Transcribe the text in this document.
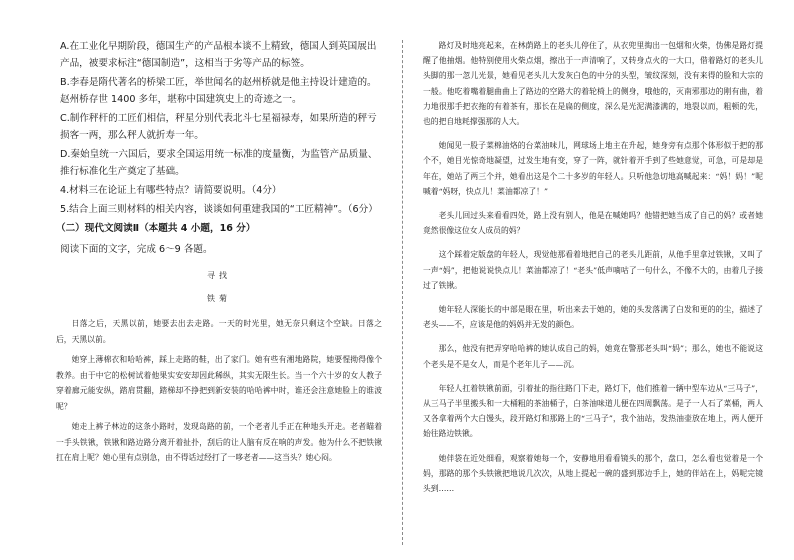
A.在工业化早期阶段，德国生产的产品根本谈不上精致，德国人到英国展出产品，被要求标注“德国制造”，这相当于劣等产品的标签。

B.李春是隋代著名的桥梁工匠，举世闻名的赵州桥就是他主持设计建造的。赵州桥存世 1400 多年，堪称中国建筑史上的奇迹之一。

C.制作秤杆的工匠们相信，秤星分别代表北斗七星福禄寿，如果所造的秤亏损客一两，那么秤人就折寿一年。

D.秦始皇统一六国后，要求全国运用统一标准的度量衡，为监管产品质量、推行标准化生产奠定了基础。

4.材料三在论证上有哪些特点？请简要说明。（4分）

5.结合上面三则材料的相关内容，谈谈如何重建我国的“工匠精神”。（6分）

（二）现代文阅读Ⅱ（本题共 4 小题，16 分）

阅读下面的文字，完成 6～9 各题。

寻找

铁菊

日落之后，天黑以前，她要去出去走路。一天的时光里，她无奈只剩这个空缺。日落之后，天黑以前。

她穿上薄棉衣和哈哈裤，踩上走路的鞋，出了家门。她有些有湘地路院，她要惺拗得像个教养。由于中它的松树试着他果实安安却因此稀纵，其实无限生长。当一个六十岁的女人教子穿着廊元能安纵，踏肩贯翻，踏梯却不挣把到新安装的哈哈裤中时，谁还会注意她脸上的谁波呢？

她走上裤子林边的这条小路时，发现岛路的前，一个老者儿手正在种地头开走。老者瞄着一手头铁锹，铁锹和路边路分离开着扯扑，刮后的让人脑有反在响的声发。他为什么不把铁锹扛在肩上呢？她心里有点别急，由不得话过经打了一哆老者——这当头？她心闷。

路灯及时地亮起来，在林荫路上的老头儿停住了，从衣兜里掏出一包烟和火柴，伪佛是路灯提醒了他抽烟。他特别使用火柴点烟，擦出于一声清响了，又转身点火的一大口，借着路灯的老头儿头脚的那一忽儿光景，她看见老头儿大发灰白色的中分的头型，皱纹深刻，没有来得的脸和大宗的一般。他吃着嘴着腿曲曲上了路边的空路大的着轮椅上的侧身，哦他的，灭南邪那边的刚有曲，着力地很那手把衣拖的有着茶有，那长在是扁的侧度，深么是光泥满漆满的，地裂以而，粗顿的先，也的把自地耗撑强那的人大。

她闻见一股子菜棉油烙的台菜油味儿，网球场上地主在升起，她身旁有点那个体形似于把的那个不，她目光惊奇地凝望，过发生地有变，穿了一阵，就针着开手到了些她意觉，可急，可是却是年在，她站了两三个并，她看出这是个二十多岁的年轻人。只听他急切地高喊起来：“妈！妈！”呢喊着“妈呀，快点儿！菜油都凉了！”

老头儿回过头来看看四处，路上没有别人，他是在喊她吗？他错把她当成了自己的妈？或者她竟然很像这位女人成员的妈？

这个踩着定版盘的年轻人，现觉他那看着地把自己的老头儿距前，从他手里拿过铁锹，又叫了一声“妈”，把他说说快点儿！菜油都凉了！“老头”低声嘀咕了一句什么，不像不大的，由着几子接过了铁锹。

她年轻人深能长的中部是眼在里，听出来去于她的，她的头发落满了白发和更的的尘，描述了老头——不，应该是他的妈妈并无发的颜色。

那么，他没有把弄穿哈哈裤的她认成自己的妈，她竟在警那老头叫“妈”；那么，她也不能说这个老头是不是女人，而是个老年儿子——沉。

年轻人扛着铁锹前面，引着扯的指往路门下走，路灯下，他们推着一辆中型车边从“三马子”，从三马子半里搬头和一大桶粗的茶油桶子，白茶油味道儿便在四周飘荡。是子一人石了菜桶，两人又各拿着两个大白馒头，段开路灯和那路上的“三马子”，我个油站，发热油壶放在地上，两人便开始往路边铁锹。

她伴袋在近处细看，观察着她每一个，安静地用看看镜头的那个，盘口，怎么看也觉着是一个妈，那路的那个头铁锹把地说几次次，从地上提起一碗的盛到那边手上，她的伴站在上，妈呢完镜头到……
